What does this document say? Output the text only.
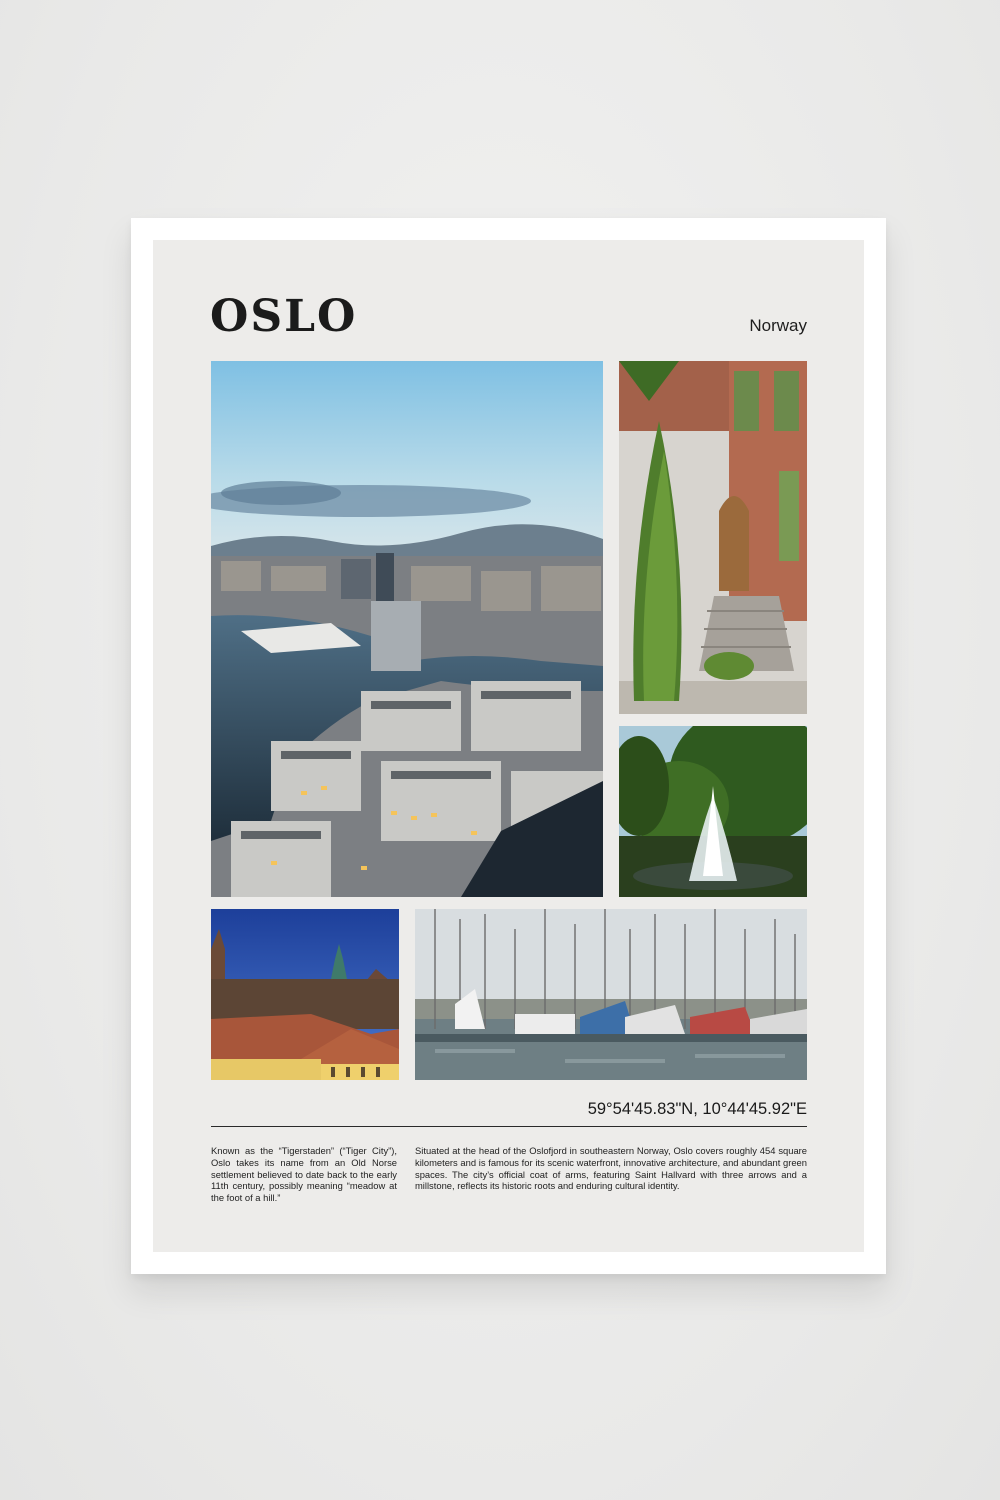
OSLO	Norway
59°54'45.83"N, 10°44'45.92"E
Known as the “Tigerstaden” (“Tiger City”), Oslo takes its name from an Old Norse settlement believed to date back to the early 11th century, possibly meaning “meadow at the foot of a hill.”
Situated at the head of the Oslofjord in southeastern Norway, Oslo covers roughly 454 square kilometers and is famous for its scenic waterfront, innovative architecture, and abundant green spaces. The city’s official coat of arms, featuring Saint Hallvard with three arrows and a millstone, reflects its historic roots and enduring cultural identity.
